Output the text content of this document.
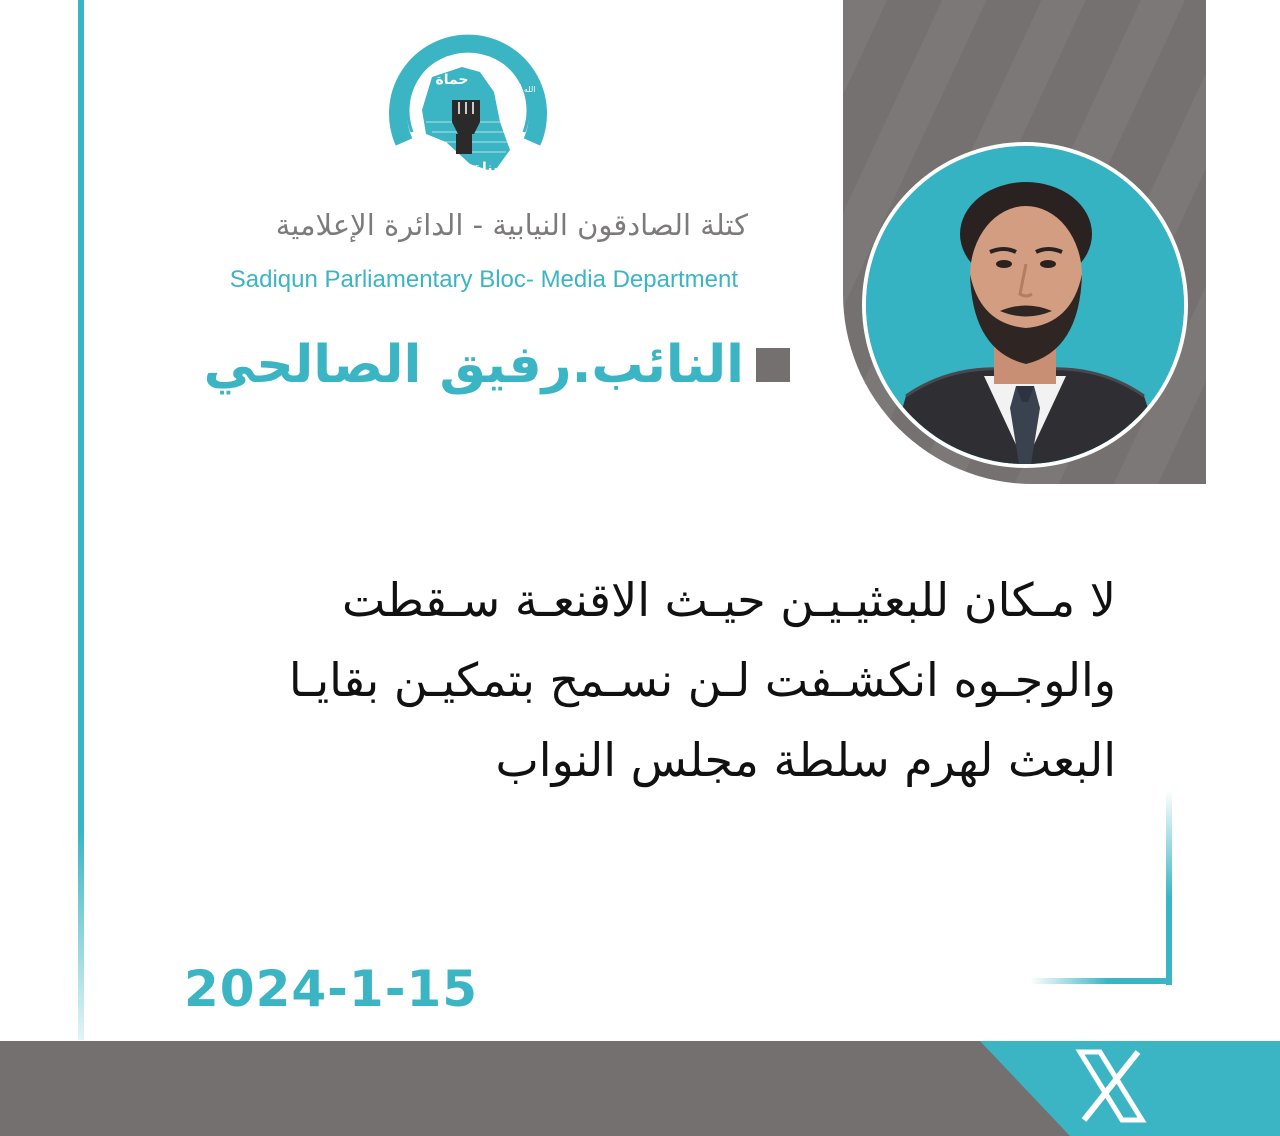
حركة الصادقون
حماة
بناة
الله أكبر
كتلة الصادقون النيابية - الدائرة الإعلامية
Sadiqun Parliamentary Bloc- Media Department
النائب.رفيق الصالحي
لا مـكان للبعثيـيـن حيـث الاقنعـة سـقطت
والوجـوه انكشـفت لـن نسـمح بتمكيـن بقايـا
البعث لهرم سلطة مجلس النواب
2024-1-15
